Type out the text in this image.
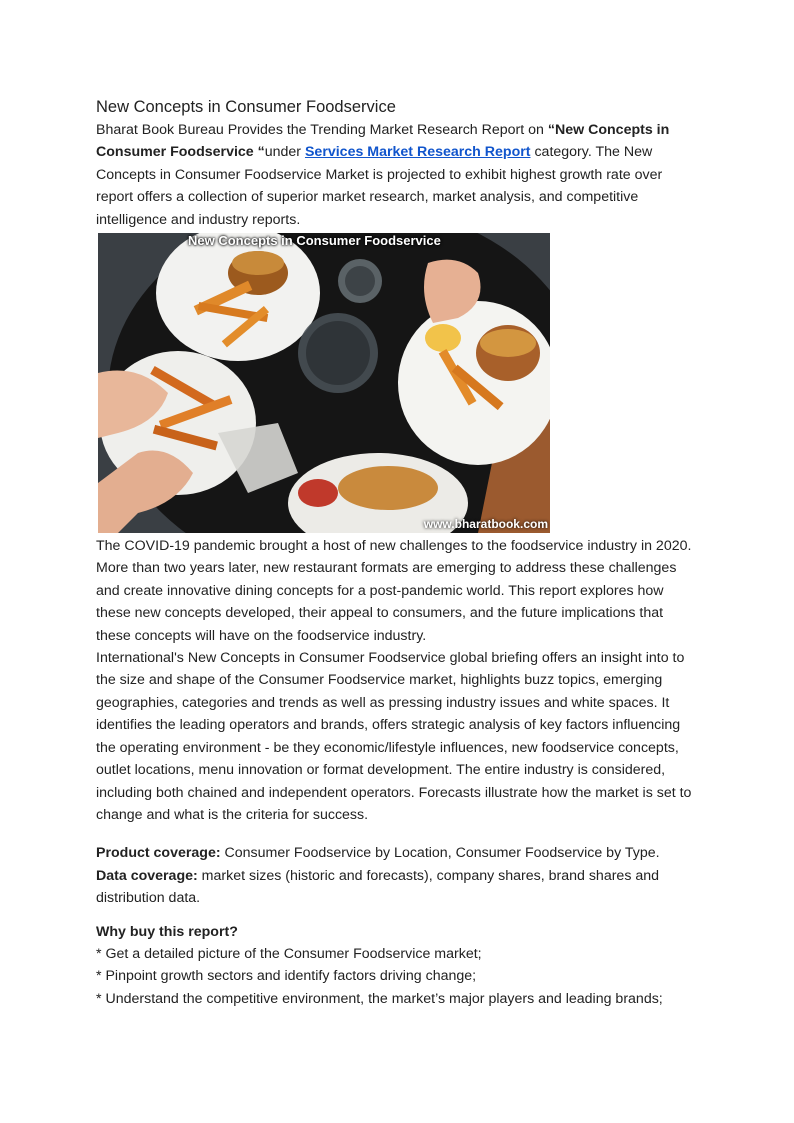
New Concepts in Consumer Foodservice

Bharat Book Bureau Provides the Trending Market Research Report on “New Concepts in Consumer Foodservice “under Services Market Research Report category. The New Concepts in Consumer Foodservice Market is projected to exhibit highest growth rate over report offers a collection of superior market research, market analysis, and competitive intelligence and industry reports.

New Concepts in Consumer Foodservice
www.bharatbook.com

The COVID-19 pandemic brought a host of new challenges to the foodservice industry in 2020. More than two years later, new restaurant formats are emerging to address these challenges and create innovative dining concepts for a post-pandemic world. This report explores how these new concepts developed, their appeal to consumers, and the future implications that these concepts will have on the foodservice industry.

International's New Concepts in Consumer Foodservice global briefing offers an insight into to the size and shape of the Consumer Foodservice market, highlights buzz topics, emerging geographies, categories and trends as well as pressing industry issues and white spaces. It identifies the leading operators and brands, offers strategic analysis of key factors influencing the operating environment - be they economic/lifestyle influences, new foodservice concepts, outlet locations, menu innovation or format development. The entire industry is considered, including both chained and independent operators. Forecasts illustrate how the market is set to change and what is the criteria for success.

Product coverage: Consumer Foodservice by Location, Consumer Foodservice by Type.

Data coverage: market sizes (historic and forecasts), company shares, brand shares and distribution data.

Why buy this report?

* Get a detailed picture of the Consumer Foodservice market;

* Pinpoint growth sectors and identify factors driving change;

* Understand the competitive environment, the market’s major players and leading brands;
